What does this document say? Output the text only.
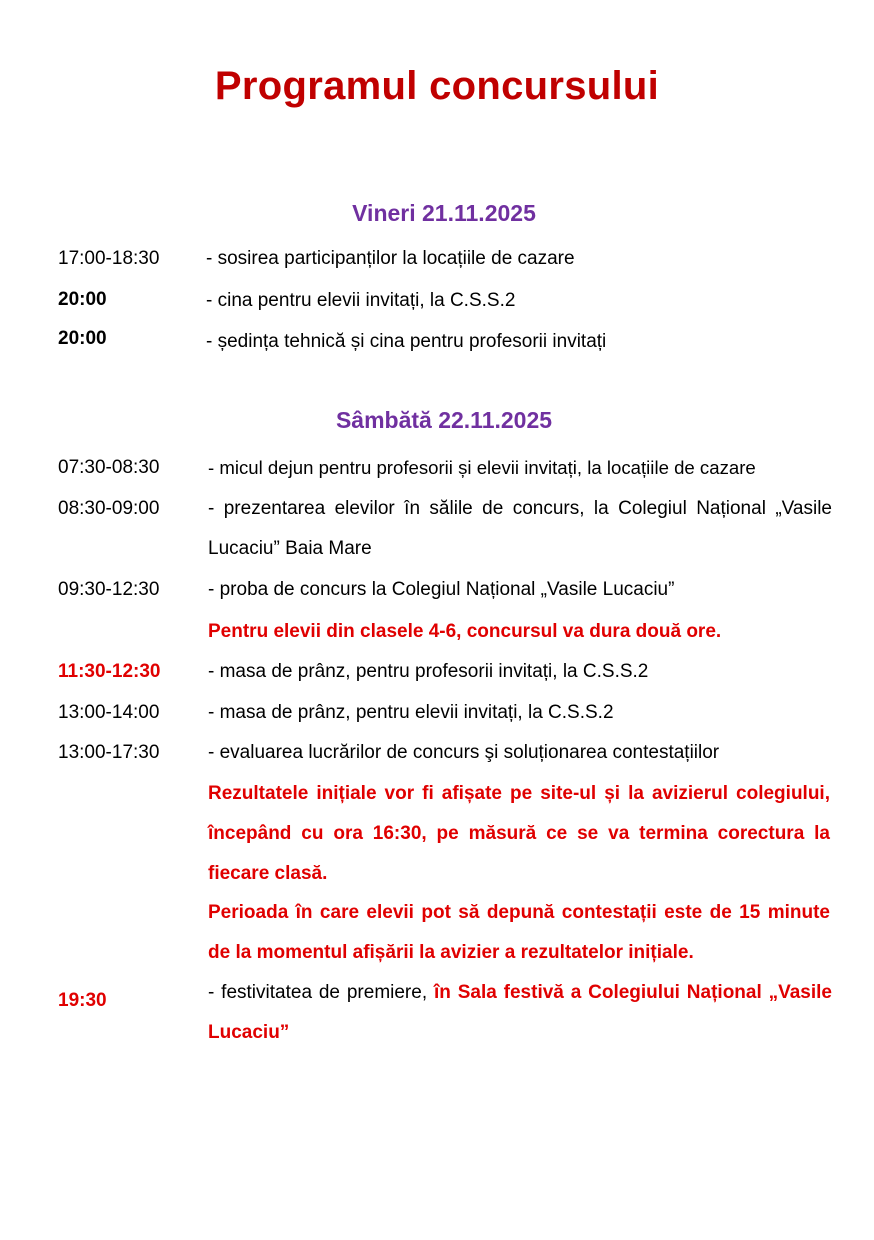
Programul concursului
Vineri 21.11.2025
17:00-18:30 - sosirea participanților la locațiile de cazare
20:00	- cina pentru elevii invitați, la C.S.S.2
20:00	- ședința tehnică și cina pentru profesorii invitați
Sâmbătă 22.11.2025
07:30-08:30	- micul dejun pentru profesorii și elevii invitați, la locațiile de cazare
08:30-09:00	- prezentarea elevilor în sălile de concurs, la Colegiul Național „Vasile Lucaciu” Baia Mare
09:30-12:30	- proba de concurs la Colegiul Național „Vasile Lucaciu”
Pentru elevii din clasele 4-6, concursul va dura două ore.
11:30-12:30	- masa de prânz, pentru profesorii invitați, la C.S.S.2
13:00-14:00	- masa de prânz, pentru elevii invitați, la C.S.S.2
13:00-17:30	- evaluarea lucrărilor de concurs şi soluționarea contestațiilor
Rezultatele inițiale vor fi afișate pe site-ul și la avizierul colegiului, începând cu ora 16:30, pe măsură ce se va termina corectura la fiecare clasă.
Perioada în care elevii pot să depună contestații este de 15 minute de la momentul afișării la avizier a rezultatelor inițiale.
19:30	- festivitatea de premiere, în Sala festivă a Colegiului Național „Vasile Lucaciu”
